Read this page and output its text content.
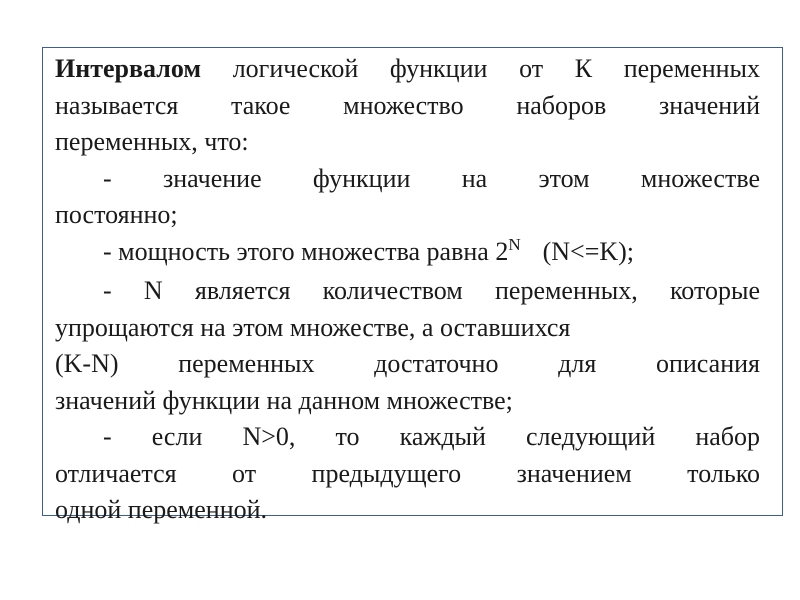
Интервалом логической функции от К переменных
называется такое множество наборов значений
переменных, что:
- значение функции на этом множестве
постоянно;
- мощность этого множества равна $2^N$ (N<=K);
- N является количеством переменных, которые
упрощаются на этом множестве, а оставшихся
(K-N) переменных достаточно для описания
значений функции на данном множестве;
- если N>0, то каждый следующий набор
отличается от предыдущего значением только
одной переменной.
